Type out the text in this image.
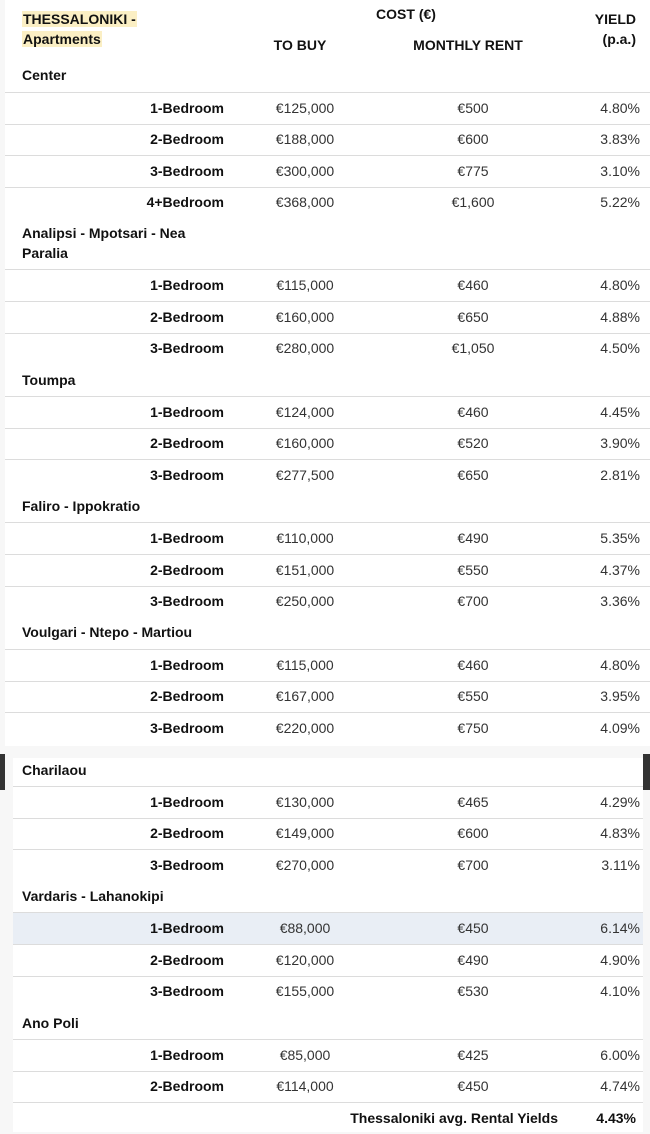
THESSALONIKI -
Apartments
COST (€)
TO BUY	MONTHLY RENT
YIELD
(p.a.)
Center
1-Bedroom	€125,000	€500	4.80%
2-Bedroom	€188,000	€600	3.83%
3-Bedroom	€300,000	€775	3.10%
4+Bedroom	€368,000	€1,600	5.22%
Analipsi - Mpotsari - Nea
Paralia
1-Bedroom	€115,000	€460	4.80%
2-Bedroom	€160,000	€650	4.88%
3-Bedroom	€280,000	€1,050	4.50%
Toumpa
1-Bedroom	€124,000	€460	4.45%
2-Bedroom	€160,000	€520	3.90%
3-Bedroom	€277,500	€650	2.81%
Faliro - Ippokratio
1-Bedroom	€110,000	€490	5.35%
2-Bedroom	€151,000	€550	4.37%
3-Bedroom	€250,000	€700	3.36%
Voulgari - Ntepo - Martiou
1-Bedroom	€115,000	€460	4.80%
2-Bedroom	€167,000	€550	3.95%
3-Bedroom	€220,000	€750	4.09%
Charilaou
1-Bedroom	€130,000	€465	4.29%
2-Bedroom	€149,000	€600	4.83%
3-Bedroom	€270,000	€700	3.11%
Vardaris - Lahanokipi
1-Bedroom	€88,000	€450	6.14%
2-Bedroom	€120,000	€490	4.90%
3-Bedroom	€155,000	€530	4.10%
Ano Poli
1-Bedroom	€85,000	€425	6.00%
2-Bedroom	€114,000	€450	4.74%
Thessaloniki avg. Rental Yields	4.43%
